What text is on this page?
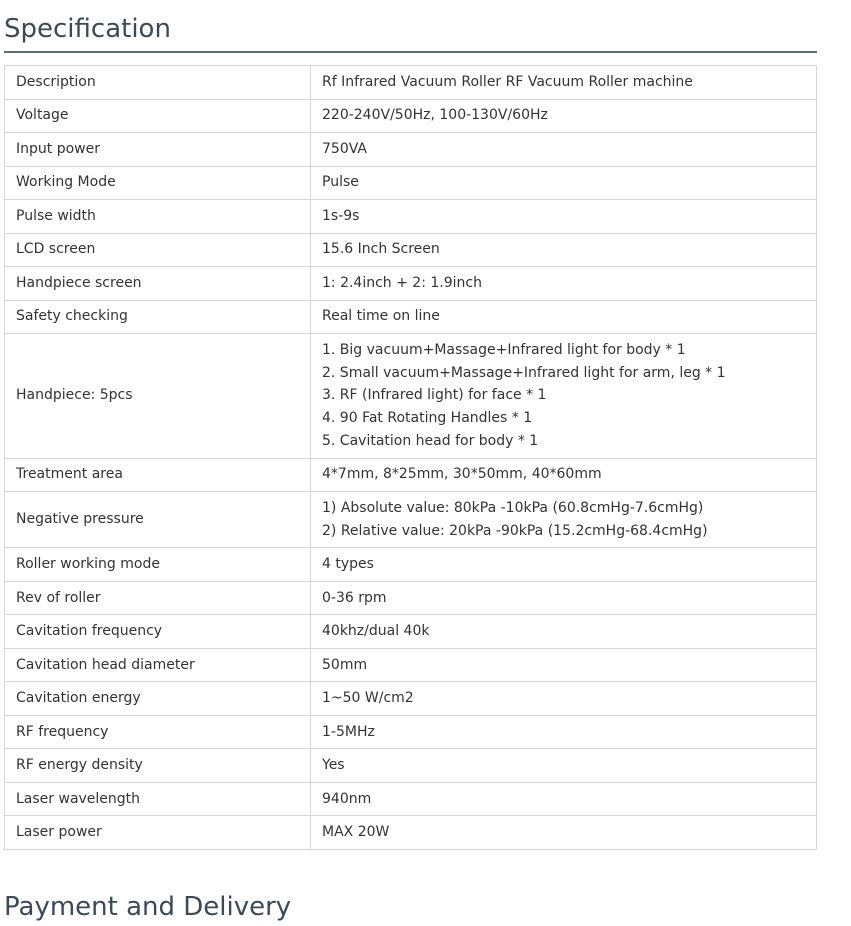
Specification
Description	Rf Infrared Vacuum Roller RF Vacuum Roller machine
Voltage	220-240V/50Hz, 100-130V/60Hz
Input power	750VA
Working Mode	Pulse
Pulse width	1s-9s
LCD screen	15.6 Inch Screen
Handpiece screen	1: 2.4inch + 2: 1.9inch
Safety checking	Real time on line
Handpiece: 5pcs	1. Big vacuum+Massage+Infrared light for body * 1
2. Small vacuum+Massage+Infrared light for arm, leg * 1
3. RF (Infrared light) for face * 1
4. 90 Fat Rotating Handles * 1
5. Cavitation head for body * 1

Treatment area	4*7mm, 8*25mm, 30*50mm, 40*60mm
Negative pressure	1) Absolute value: 80kPa -10kPa (60.8cmHg-7.6cmHg)
2) Relative value: 20kPa -90kPa (15.2cmHg-68.4cmHg)

Roller working mode	4 types
Rev of roller	0-36 rpm
Cavitation frequency	40khz/dual 40k
Cavitation head diameter	50mm
Cavitation energy	1~50 W/cm2
RF frequency	1-5MHz
RF energy density	Yes
Laser wavelength	940nm
Laser power	MAX 20W
Payment and Delivery
